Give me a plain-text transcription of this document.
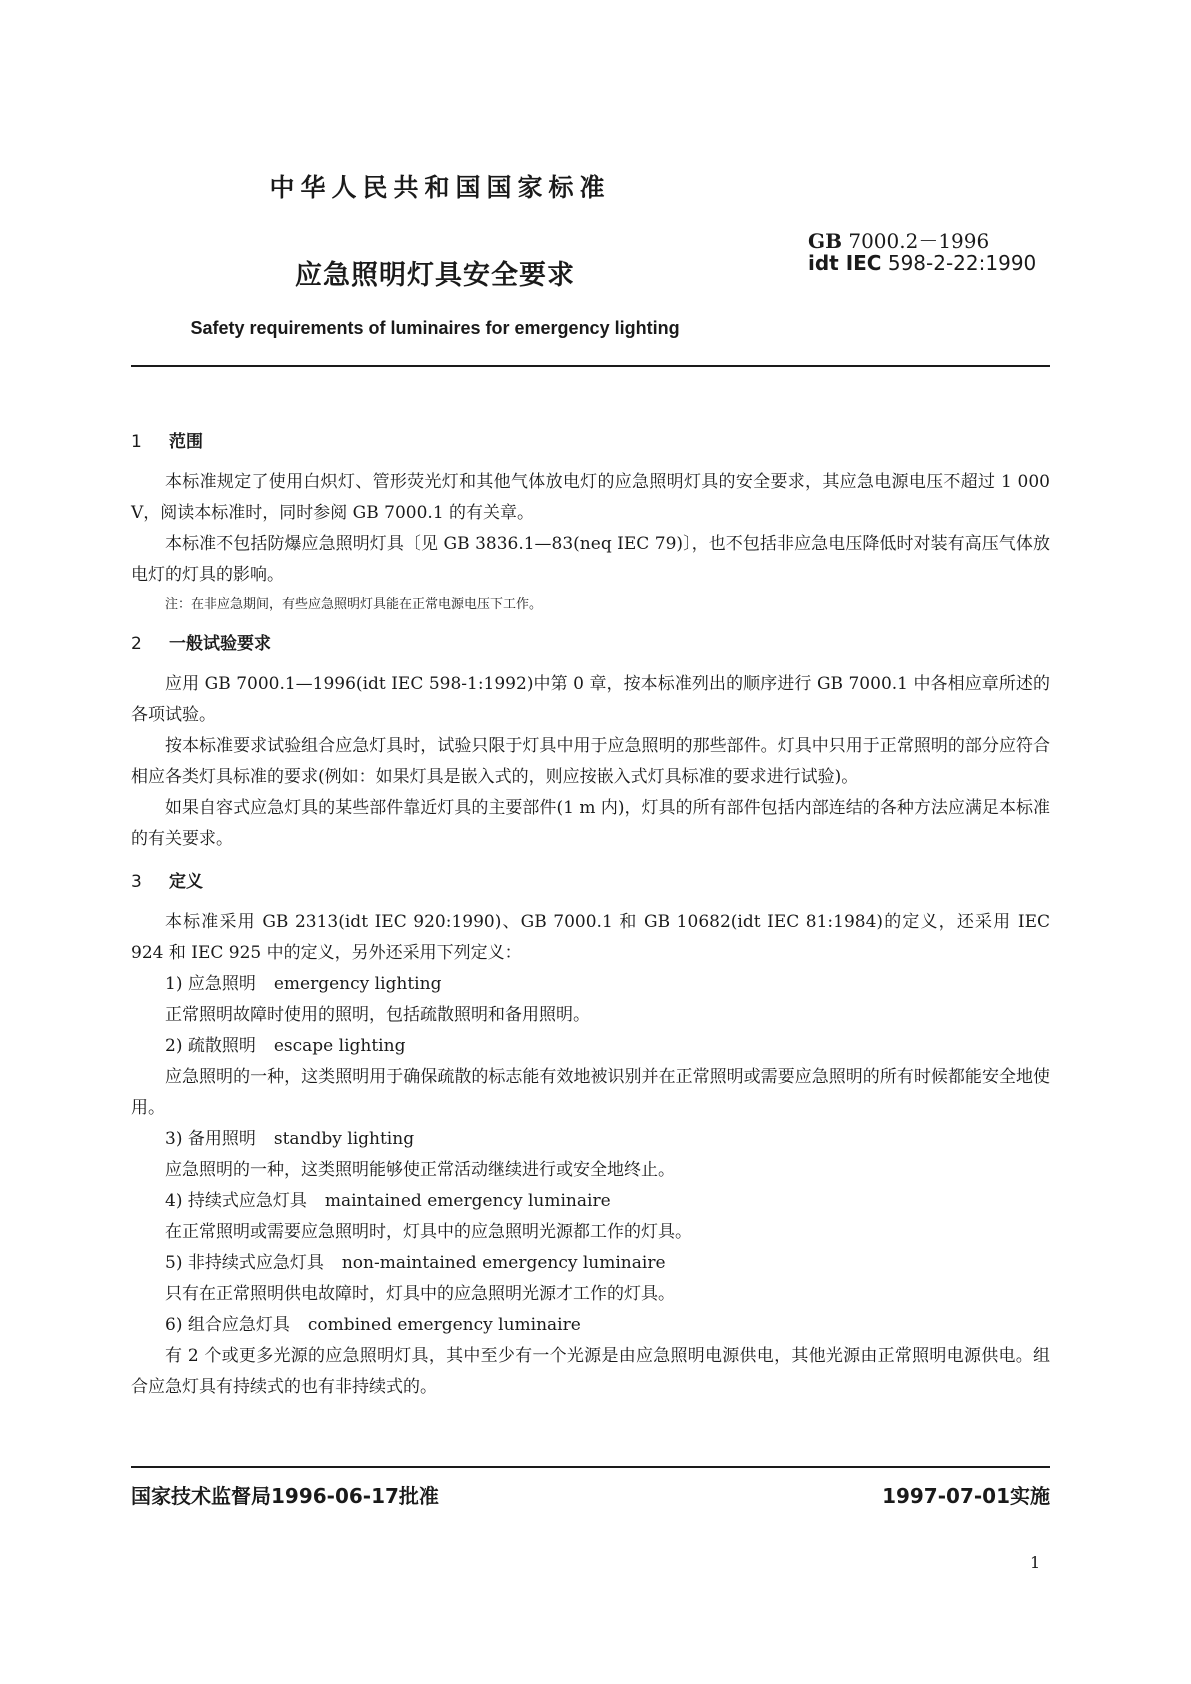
中华人民共和国国家标准
GB 7000.2－1996
idt IEC 598-2-22:1990
应急照明灯具安全要求
Safety requirements of luminaires for emergency lighting
1 范围

本标准规定了使用白炽灯、管形荧光灯和其他气体放电灯的应急照明灯具的安全要求，其应急电源电压不超过 1 000 V，阅读本标准时，同时参阅 GB 7000.1 的有关章。

本标准不包括防爆应急照明灯具〔见 GB 3836.1—83(neq IEC 79)〕，也不包括非应急电压降低时对装有高压气体放电灯的灯具的影响。

注：在非应急期间，有些应急照明灯具能在正常电源电压下工作。

2 一般试验要求

应用 GB 7000.1—1996(idt IEC 598-1:1992)中第 0 章，按本标准列出的顺序进行 GB 7000.1 中各相应章所述的各项试验。

按本标准要求试验组合应急灯具时，试验只限于灯具中用于应急照明的那些部件。灯具中只用于正常照明的部分应符合相应各类灯具标准的要求(例如：如果灯具是嵌入式的，则应按嵌入式灯具标准的要求进行试验)。

如果自容式应急灯具的某些部件靠近灯具的主要部件(1 m 内)，灯具的所有部件包括内部连结的各种方法应满足本标准的有关要求。

3 定义

本标准采用 GB 2313(idt IEC 920:1990)、GB 7000.1 和 GB 10682(idt IEC 81:1984)的定义，还采用 IEC 924 和 IEC 925 中的定义，另外还采用下列定义：

1) 应急照明 emergency lighting

正常照明故障时使用的照明，包括疏散照明和备用照明。

2) 疏散照明 escape lighting

应急照明的一种，这类照明用于确保疏散的标志能有效地被识别并在正常照明或需要应急照明的所有时候都能安全地使用。

3) 备用照明 standby lighting

应急照明的一种，这类照明能够使正常活动继续进行或安全地终止。

4) 持续式应急灯具 maintained emergency luminaire

在正常照明或需要应急照明时，灯具中的应急照明光源都工作的灯具。

5) 非持续式应急灯具 non-maintained emergency luminaire

只有在正常照明供电故障时，灯具中的应急照明光源才工作的灯具。

6) 组合应急灯具 combined emergency luminaire

有 2 个或更多光源的应急照明灯具，其中至少有一个光源是由应急照明电源供电，其他光源由正常照明电源供电。组合应急灯具有持续式的也有非持续式的。

国家技术监督局1996-06-17批准	1997-07-01实施
1
